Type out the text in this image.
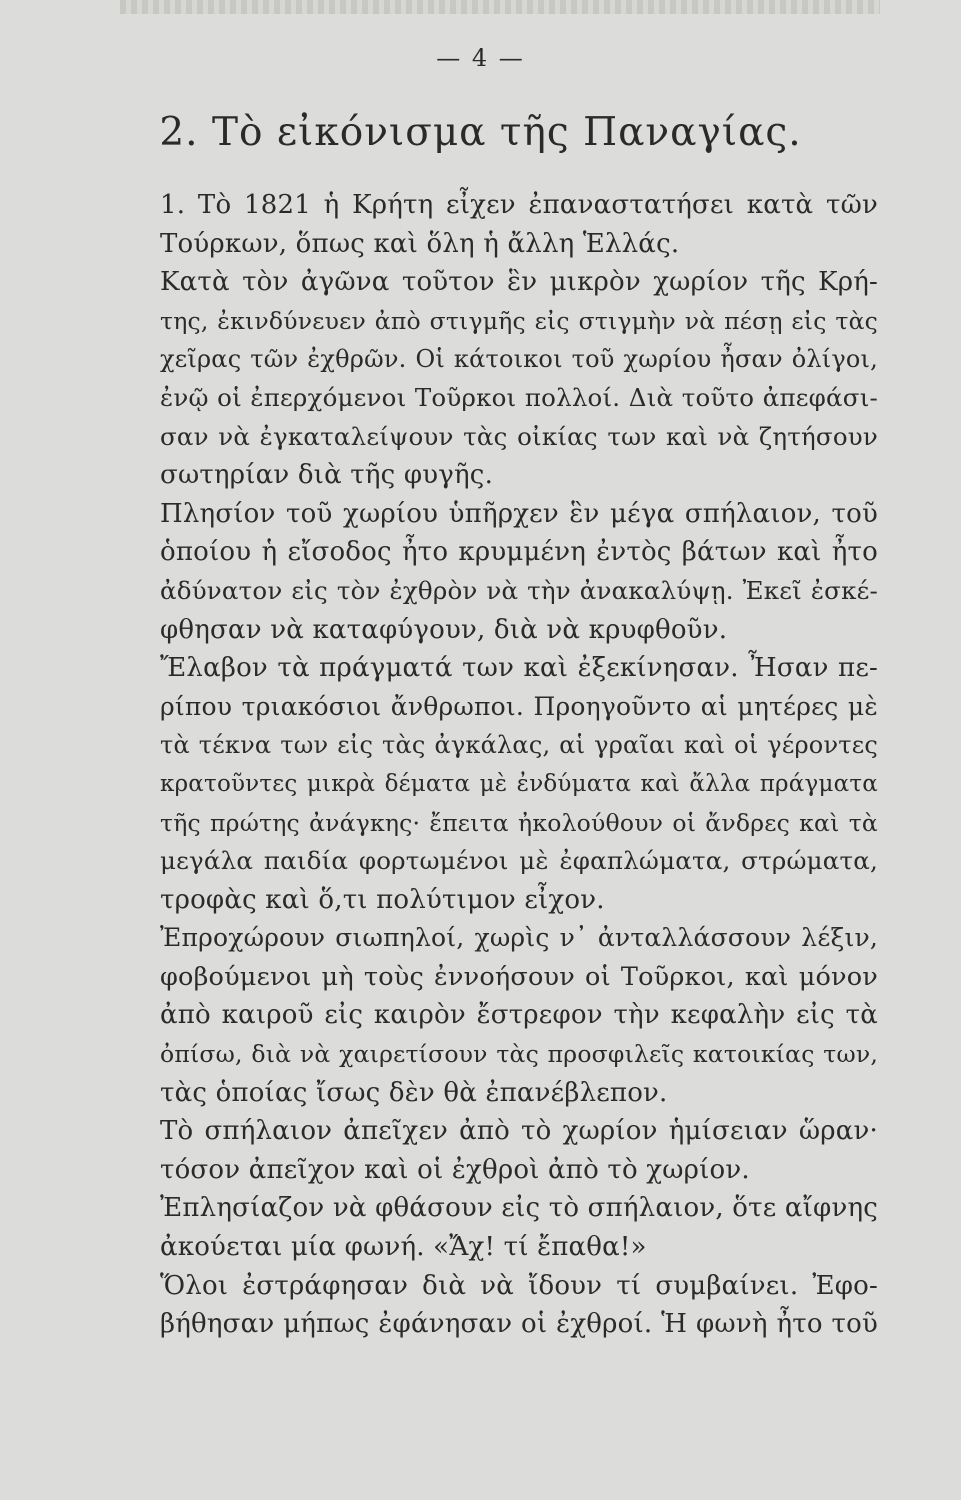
— 4 —
2. Τὸ εἰκόνισμα τῆς Παναγίας.
1. Τὸ 1821 ἡ Κρήτη εἶχεν ἐπαναστατήσει κατὰ τῶν
Τούρκων, ὅπως καὶ ὅλη ἡ ἄλλη Ἑλλάς.
Κατὰ τὸν ἀγῶνα τοῦτον ἓν μικρὸν χωρίον τῆς Κρή-
της, ἐκινδύνευεν ἀπὸ στιγμῆς εἰς στιγμὴν νὰ πέσῃ εἰς τὰς
χεῖρας τῶν ἐχθρῶν. Οἱ κάτοικοι τοῦ χωρίου ἦσαν ὀλίγοι,
ἐνῷ οἱ ἐπερχόμενοι Τοῦρκοι πολλοί. Διὰ τοῦτο ἀπεφάσι-
σαν νὰ ἐγκαταλείψουν τὰς οἰκίας των καὶ νὰ ζητήσουν
σωτηρίαν διὰ τῆς φυγῆς.
Πλησίον τοῦ χωρίου ὑπῆρχεν ἓν μέγα σπήλαιον, τοῦ
ὁποίου ἡ εἴσοδος ἦτο κρυμμένη ἐντὸς βάτων καὶ ἦτο
ἀδύνατον εἰς τὸν ἐχθρὸν νὰ τὴν ἀνακαλύψῃ. Ἐκεῖ ἐσκέ-
φθησαν νὰ καταφύγουν, διὰ νὰ κρυφθοῦν.
Ἔλαβον τὰ πράγματά των καὶ ἐξεκίνησαν. Ἦσαν πε-
ρίπου τριακόσιοι ἄνθρωποι. Προηγοῦντο αἱ μητέρες μὲ
τὰ τέκνα των εἰς τὰς ἀγκάλας, αἱ γραῖαι καὶ οἱ γέροντες
κρατοῦντες μικρὰ δέματα μὲ ἐνδύματα καὶ ἄλλα πράγματα
τῆς πρώτης ἀνάγκης· ἔπειτα ἠκολούθουν οἱ ἄνδρες καὶ τὰ
μεγάλα παιδία φορτωμένοι μὲ ἐφαπλώματα, στρώματα,
τροφὰς καὶ ὅ,τι πολύτιμον εἶχον.
Ἐπροχώρουν σιωπηλοί, χωρὶς ν᾽ ἀνταλλάσσουν λέξιν,
φοβούμενοι μὴ τοὺς ἐννοήσουν οἱ Τοῦρκοι, καὶ μόνον
ἀπὸ καιροῦ εἰς καιρὸν ἔστρεφον τὴν κεφαλὴν εἰς τὰ
ὀπίσω, διὰ νὰ χαιρετίσουν τὰς προσφιλεῖς κατοικίας των,
τὰς ὁποίας ἴσως δὲν θὰ ἐπανέβλεπον.
Τὸ σπήλαιον ἀπεῖχεν ἀπὸ τὸ χωρίον ἡμίσειαν ὥραν·
τόσον ἀπεῖχον καὶ οἱ ἐχθροὶ ἀπὸ τὸ χωρίον.
Ἐπλησίαζον νὰ φθάσουν εἰς τὸ σπήλαιον, ὅτε αἴφνης
ἀκούεται μία φωνή. «Ἄχ! τί ἔπαθα!»
Ὅλοι ἐστράφησαν διὰ νὰ ἴδουν τί συμβαίνει. Ἐφο-
βήθησαν μήπως ἐφάνησαν οἱ ἐχθροί. Ἡ φωνὴ ἦτο τοῦ
